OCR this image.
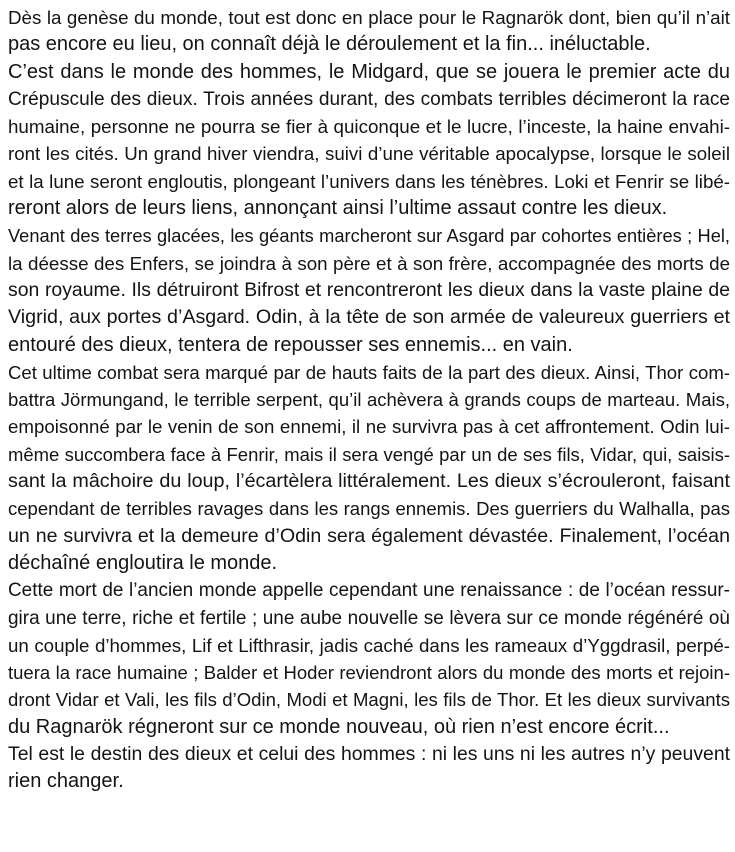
Dès la genèse du monde, tout est donc en place pour le Ragnarök dont, bien qu’il n’ait
pas encore eu lieu, on connaît déjà le déroulement et la fin... inéluctable.

C’est dans le monde des hommes, le Midgard, que se jouera le premier acte du
Crépuscule des dieux. Trois années durant, des combats terribles décimeront la race
humaine, personne ne pourra se fier à quiconque et le lucre, l’inceste, la haine envahi-
ront les cités. Un grand hiver viendra, suivi d’une véritable apocalypse, lorsque le soleil
et la lune seront engloutis, plongeant l’univers dans les ténèbres. Loki et Fenrir se libé-
reront alors de leurs liens, annonçant ainsi l’ultime assaut contre les dieux.

Venant des terres glacées, les géants marcheront sur Asgard par cohortes entières ; Hel,
la déesse des Enfers, se joindra à son père et à son frère, accompagnée des morts de
son royaume. Ils détruiront Bifrost et rencontreront les dieux dans la vaste plaine de
Vigrid, aux portes d’Asgard. Odin, à la tête de son armée de valeureux guerriers et
entouré des dieux, tentera de repousser ses ennemis... en vain.

Cet ultime combat sera marqué par de hauts faits de la part des dieux. Ainsi, Thor com-
battra Jörmungand, le terrible serpent, qu’il achèvera à grands coups de marteau. Mais,
empoisonné par le venin de son ennemi, il ne survivra pas à cet affrontement. Odin lui-
même succombera face à Fenrir, mais il sera vengé par un de ses fils, Vidar, qui, saisis-
sant la mâchoire du loup, l’écartèlera littéralement. Les dieux s’écrouleront, faisant
cependant de terribles ravages dans les rangs ennemis. Des guerriers du Walhalla, pas
un ne survivra et la demeure d’Odin sera également dévastée. Finalement, l’océan
déchaîné engloutira le monde.

Cette mort de l’ancien monde appelle cependant une renaissance : de l’océan ressur-
gira une terre, riche et fertile ; une aube nouvelle se lèvera sur ce monde régénéré où
un couple d’hommes, Lif et Lifthrasir, jadis caché dans les rameaux d’Yggdrasil, perpé-
tuera la race humaine ; Balder et Hoder reviendront alors du monde des morts et rejoin-
dront Vidar et Vali, les fils d’Odin, Modi et Magni, les fils de Thor. Et les dieux survivants
du Ragnarök régneront sur ce monde nouveau, où rien n’est encore écrit...

Tel est le destin des dieux et celui des hommes : ni les uns ni les autres n’y peuvent
rien changer.
